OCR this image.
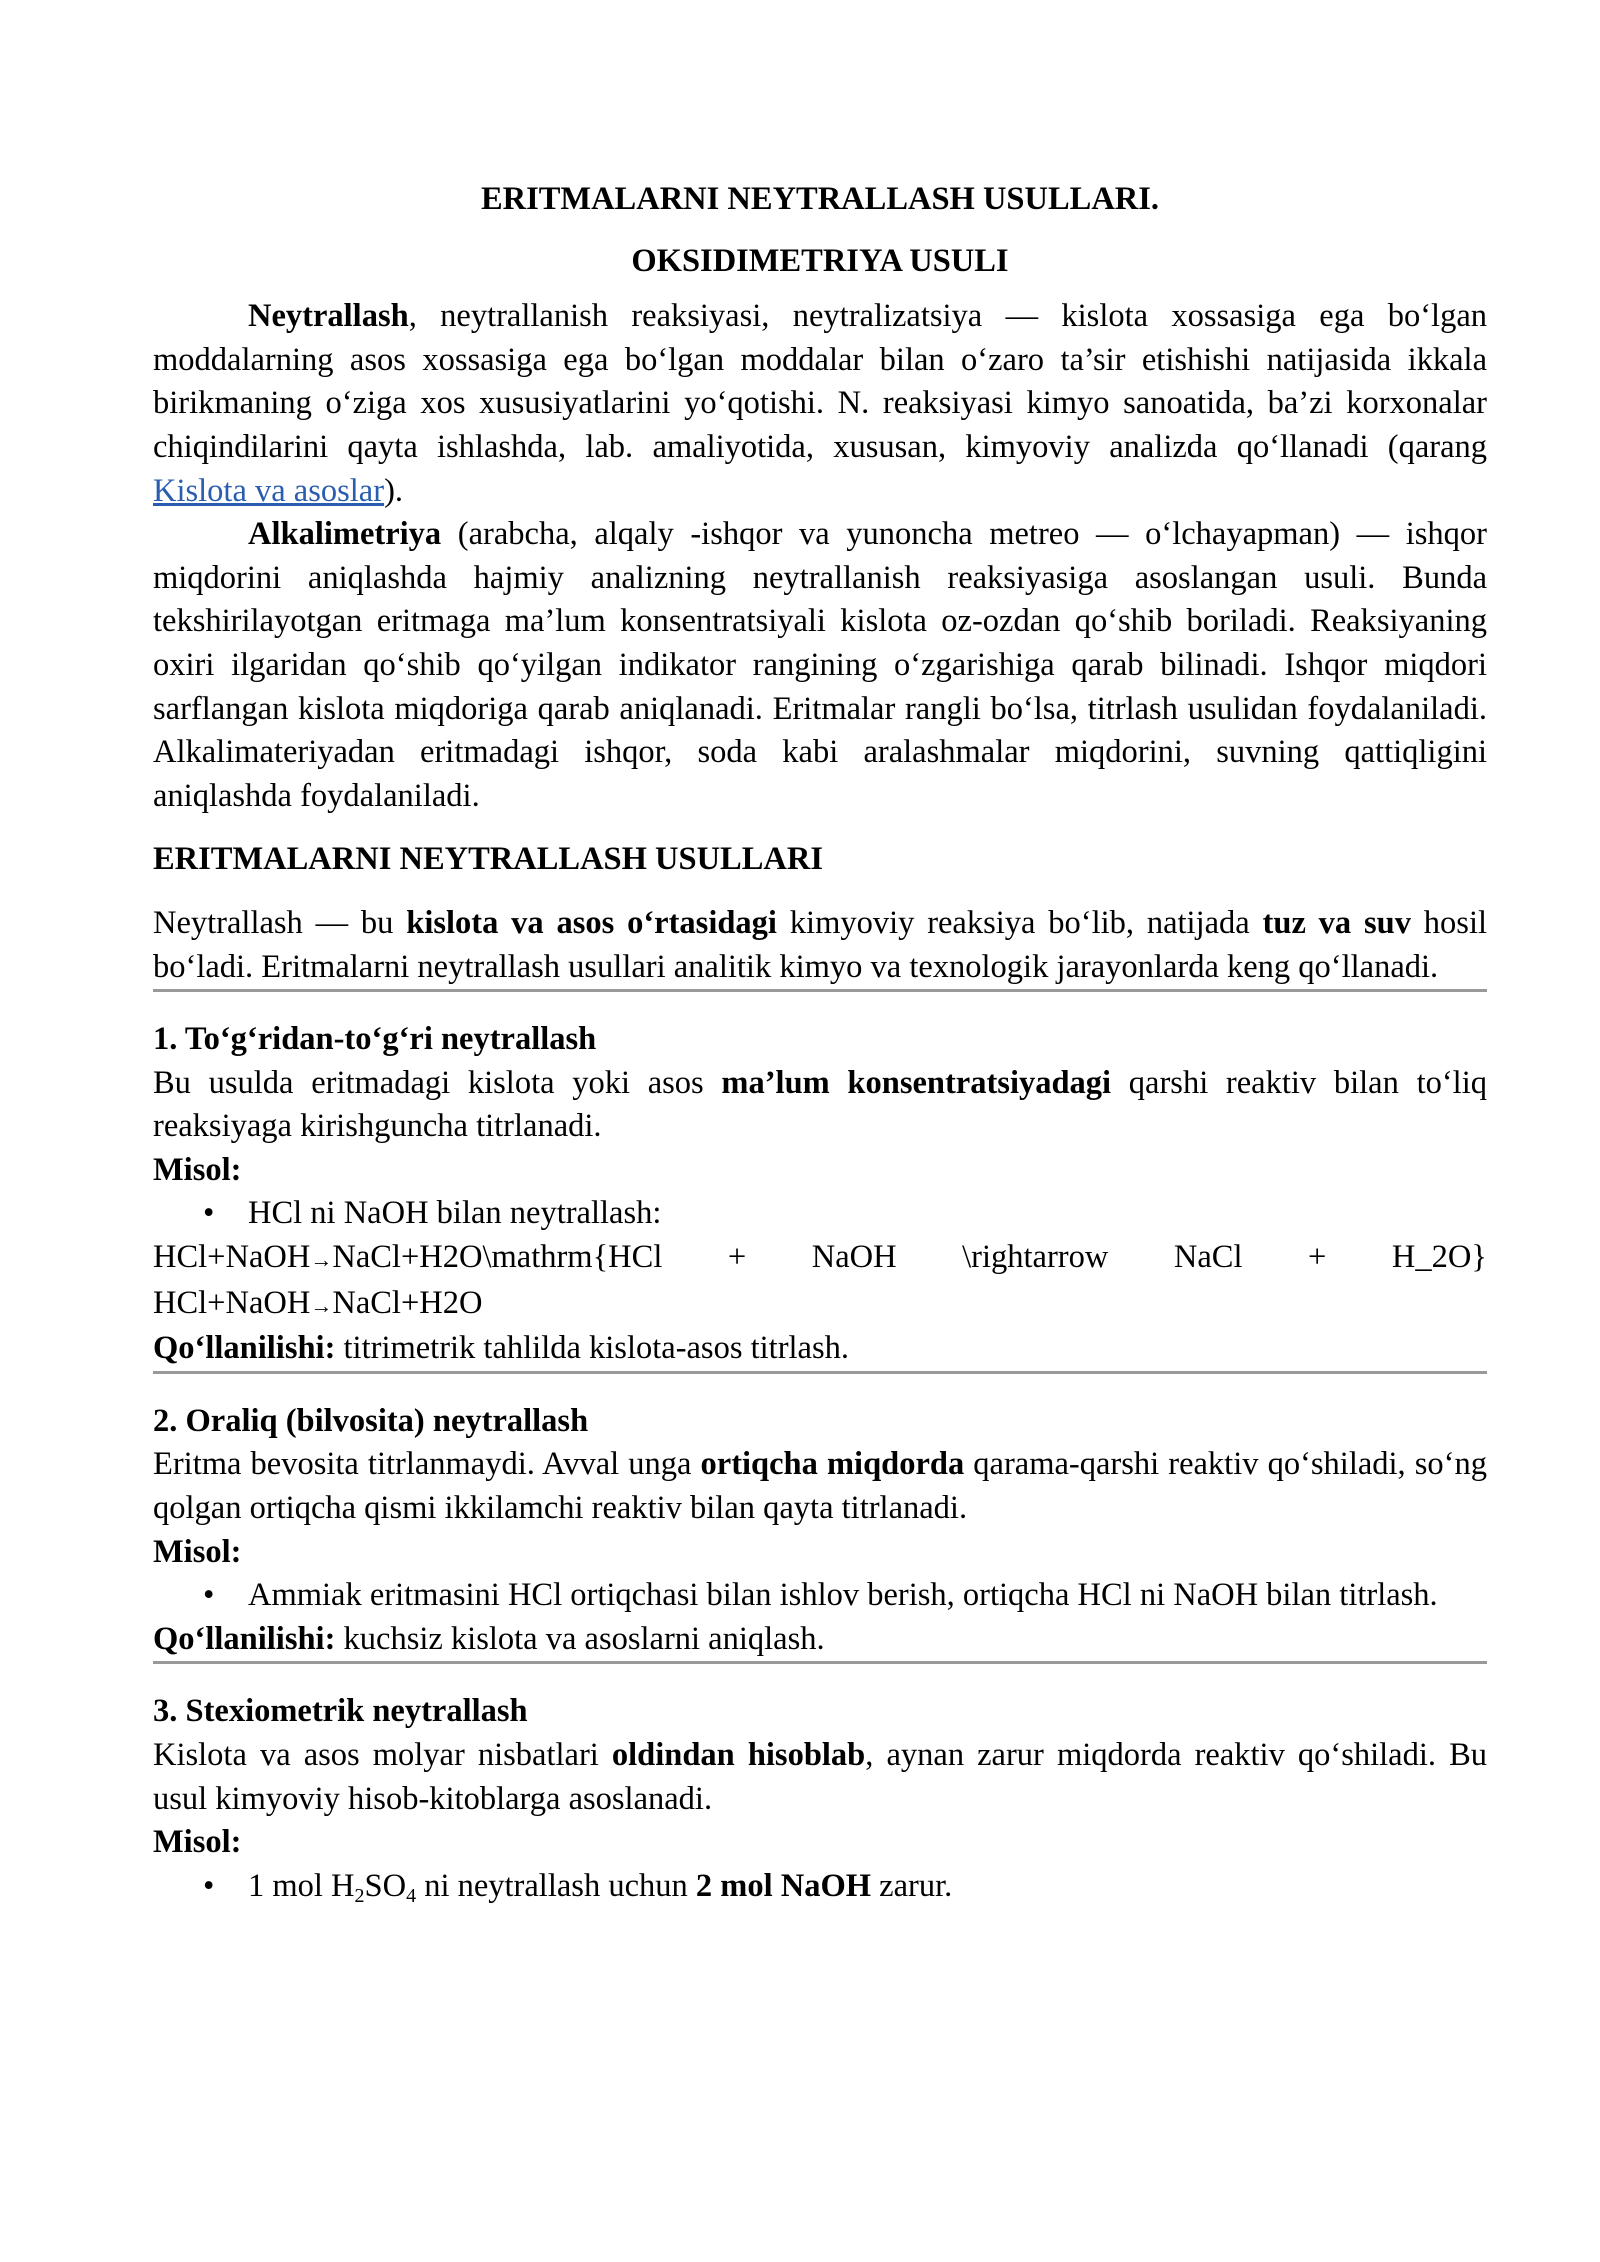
ERITMALARNI NEYTRALLASH USULLARI.

OKSIDIMETRIYA USULI

Neytrallash, neytrallanish reaksiyasi, neytralizatsiya — kislota xossasiga ega bo‘lgan moddalarning asos xossasiga ega bo‘lgan moddalar bilan o‘zaro ta’sir etishishi natijasida ikkala birikmaning o‘ziga xos xususiyatlarini yo‘qotishi. N. reaksiyasi kimyo sanoatida, ba’zi korxonalar chiqindilarini qayta ishlashda, lab. amaliyotida, xususan, kimyoviy analizda qo‘llanadi (qarang Kislota va asoslar).

Alkalimetriya (arabcha, alqaly -ishqor va yunoncha metreo — o‘lchayapman) — ishqor miqdorini aniqlashda hajmiy analizning neytrallanish reaksiyasiga asoslangan usuli. Bunda tekshirilayotgan eritmaga ma’lum konsentratsiyali kislota oz-ozdan qo‘shib boriladi. Reaksiyaning oxiri ilgaridan qo‘shib qo‘yilgan indikator rangining o‘zgarishiga qarab bilinadi. Ishqor miqdori sarflangan kislota miqdoriga qarab aniqlanadi. Eritmalar rangli bo‘lsa, titrlash usulidan foydalaniladi. Alkalimateriyadan eritmadagi ishqor, soda kabi aralashmalar miqdorini, suvning qattiqligini aniqlashda foydalaniladi.

ERITMALARNI NEYTRALLASH USULLARI

Neytrallash — bu kislota va asos o‘rtasidagi kimyoviy reaksiya bo‘lib, natijada tuz va suv hosil bo‘ladi. Eritmalarni neytrallash usullari analitik kimyo va texnologik jarayonlarda keng qo‘llanadi.

1. To‘g‘ridan-to‘g‘ri neytrallash

Bu usulda eritmadagi kislota yoki asos ma’lum konsentratsiyadagi qarshi reaktiv bilan to‘liq reaksiyaga kirishguncha titrlanadi.

Misol:

• HCl ni NaOH bilan neytrallash:

HCl+NaOH→NaCl+H2O\mathrm{HCl + NaOH \rightarrow NaCl + H_2O}

HCl+NaOH→NaCl+H2O

Qo‘llanilishi: titrimetrik tahlilda kislota-asos titrlash.

2. Oraliq (bilvosita) neytrallash

Eritma bevosita titrlanmaydi. Avval unga ortiqcha miqdorda qarama-qarshi reaktiv qo‘shiladi, so‘ng qolgan ortiqcha qismi ikkilamchi reaktiv bilan qayta titrlanadi.

Misol:

• Ammiak eritmasini HCl ortiqchasi bilan ishlov berish, ortiqcha HCl ni NaOH bilan titrlash.

Qo‘llanilishi: kuchsiz kislota va asoslarni aniqlash.

3. Stexiometrik neytrallash

Kislota va asos molyar nisbatlari oldindan hisoblab, aynan zarur miqdorda reaktiv qo‘shiladi. Bu usul kimyoviy hisob-kitoblarga asoslanadi.

Misol:

• 1 mol $H_2SO_4$ ni neytrallash uchun 2 mol NaOH zarur.
